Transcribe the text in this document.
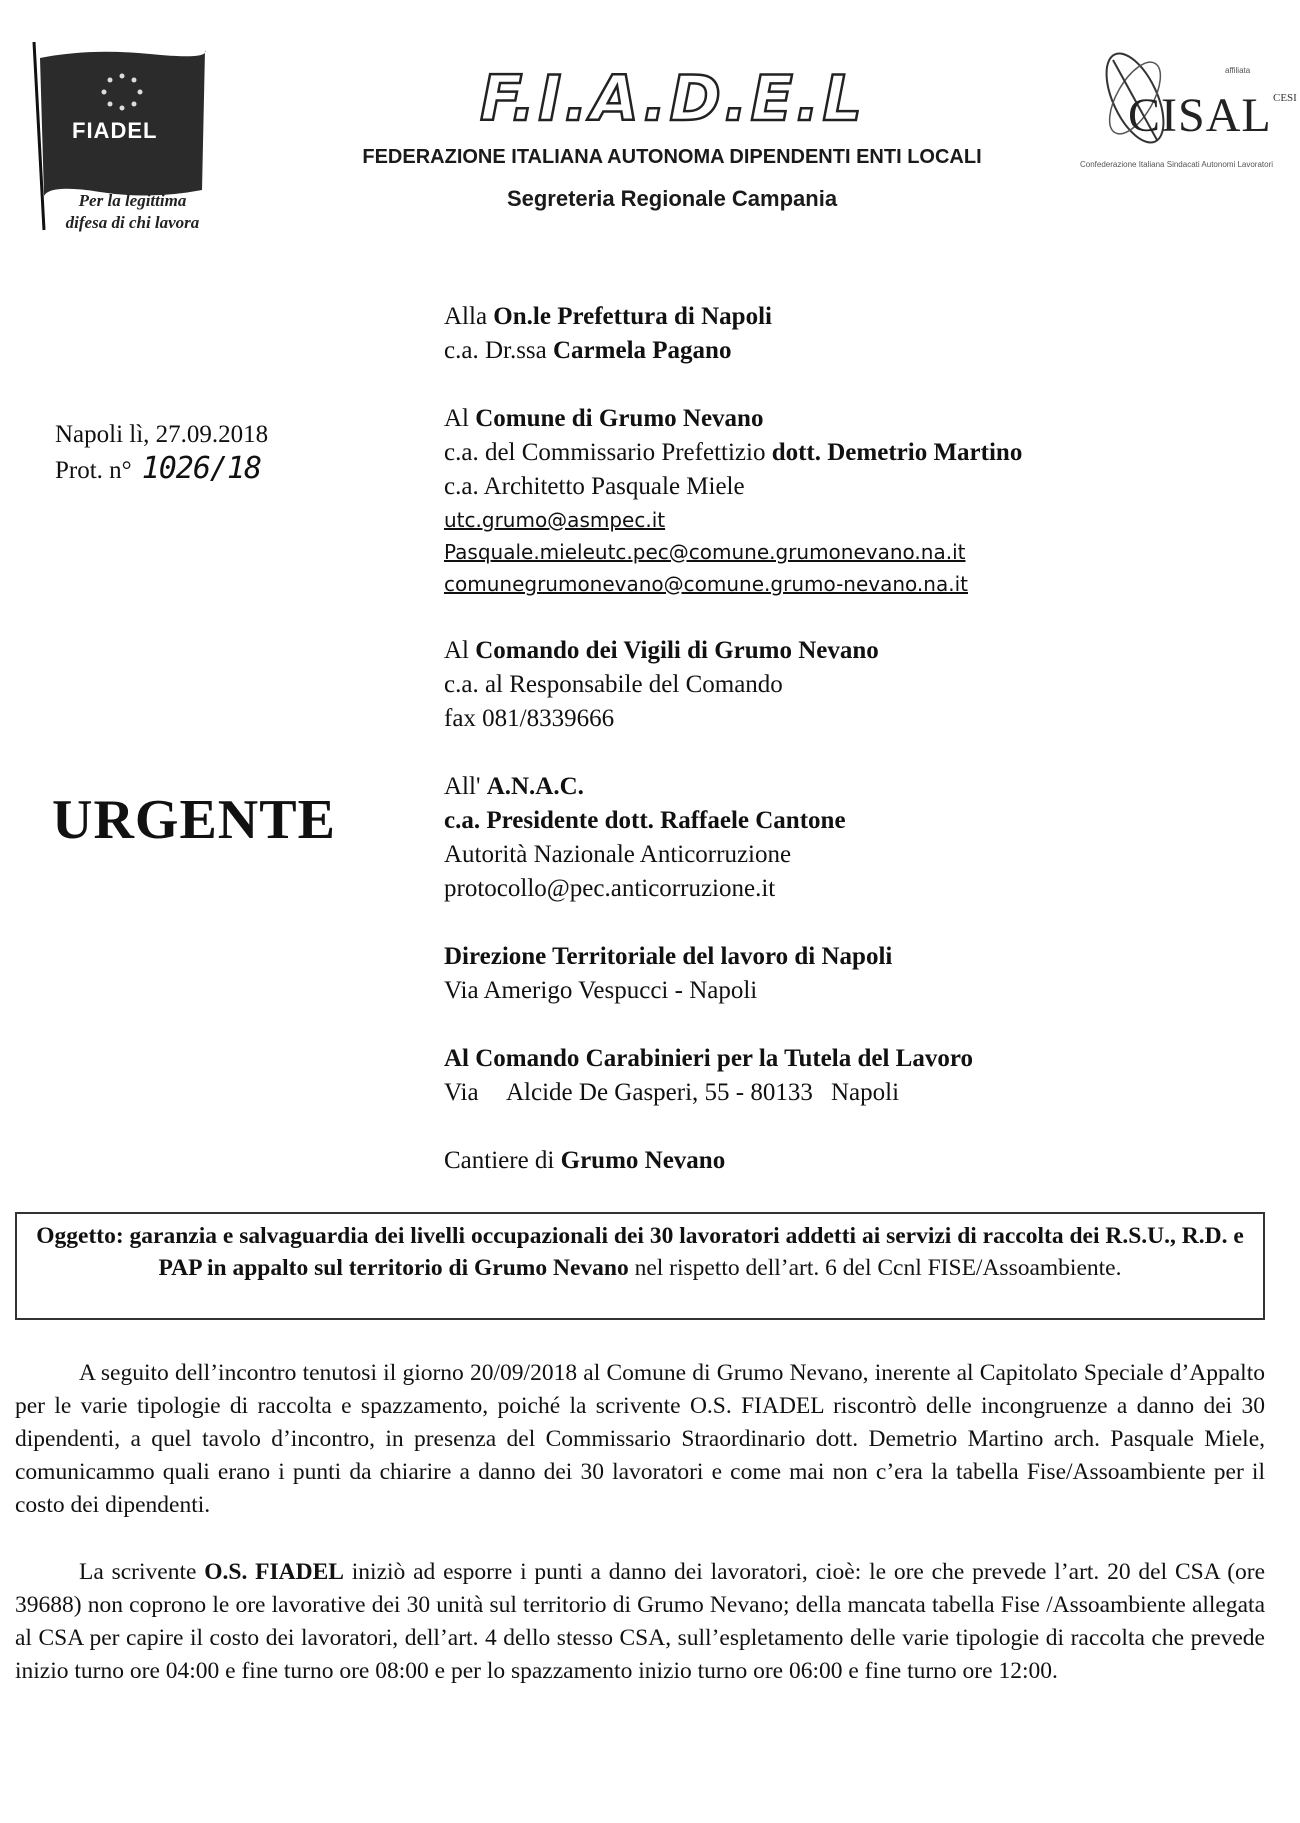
FIADEL
Per la legittima
difesa di chi lavora
F.I.A.D.E.L
FEDERAZIONE ITALIANA AUTONOMA DIPENDENTI ENTI LOCALI
Segreteria Regionale Campania
affiliata
CESI
CISAL
Confederazione Italiana Sindacati Autonomi Lavoratori
Napoli lì, 27.09.2018
Prot. n° 1026/18
URGENTE
Alla On.le Prefettura di Napoli
c.a. Dr.ssa Carmela Pagano
Al Comune di Grumo Nevano
c.a. del Commissario Prefettizio dott. Demetrio Martino
c.a. Architetto Pasquale Miele
utc.grumo@asmpec.it
Pasquale.mieleutc.pec@comune.grumonevano.na.it
comunegrumonevano@comune.grumo-nevano.na.it
Al Comando dei Vigili di Grumo Nevano
c.a. al Responsabile del Comando
fax 081/8339666
All' A.N.A.C.
c.a. Presidente dott. Raffaele Cantone
Autorità Nazionale Anticorruzione
protocollo@pec.anticorruzione.it
Direzione Territoriale del lavoro di Napoli
Via Amerigo Vespucci - Napoli
Al Comando Carabinieri per la Tutela del Lavoro
Via Alcide De Gasperi, 55 - 80133 Napoli
Cantiere di Grumo Nevano
Oggetto: garanzia e salvaguardia dei livelli occupazionali dei 30 lavoratori addetti ai servizi di raccolta dei R.S.U., R.D. e PAP in appalto sul territorio di Grumo Nevano nel rispetto dell’art. 6 del Ccnl FISE/Assoambiente.

A seguito dell’incontro tenutosi il giorno 20/09/2018 al Comune di Grumo Nevano, inerente al Capitolato Speciale d’Appalto per le varie tipologie di raccolta e spazzamento, poiché la scrivente O.S. FIADEL riscontrò delle incongruenze a danno dei 30 dipendenti, a quel tavolo d’incontro, in presenza del Commissario Straordinario dott. Demetrio Martino arch. Pasquale Miele, comunicammo quali erano i punti da chiarire a danno dei 30 lavoratori e come mai non c’era la tabella Fise/Assoambiente per il costo dei dipendenti.

La scrivente O.S. FIADEL iniziò ad esporre i punti a danno dei lavoratori, cioè: le ore che prevede l’art. 20 del CSA (ore 39688) non coprono le ore lavorative dei 30 unità sul territorio di Grumo Nevano; della mancata tabella Fise /Assoambiente allegata al CSA per capire il costo dei lavoratori, dell’art. 4 dello stesso CSA, sull’espletamento delle varie tipologie di raccolta che prevede inizio turno ore 04:00 e fine turno ore 08:00 e per lo spazzamento inizio turno ore 06:00 e fine turno ore 12:00.
